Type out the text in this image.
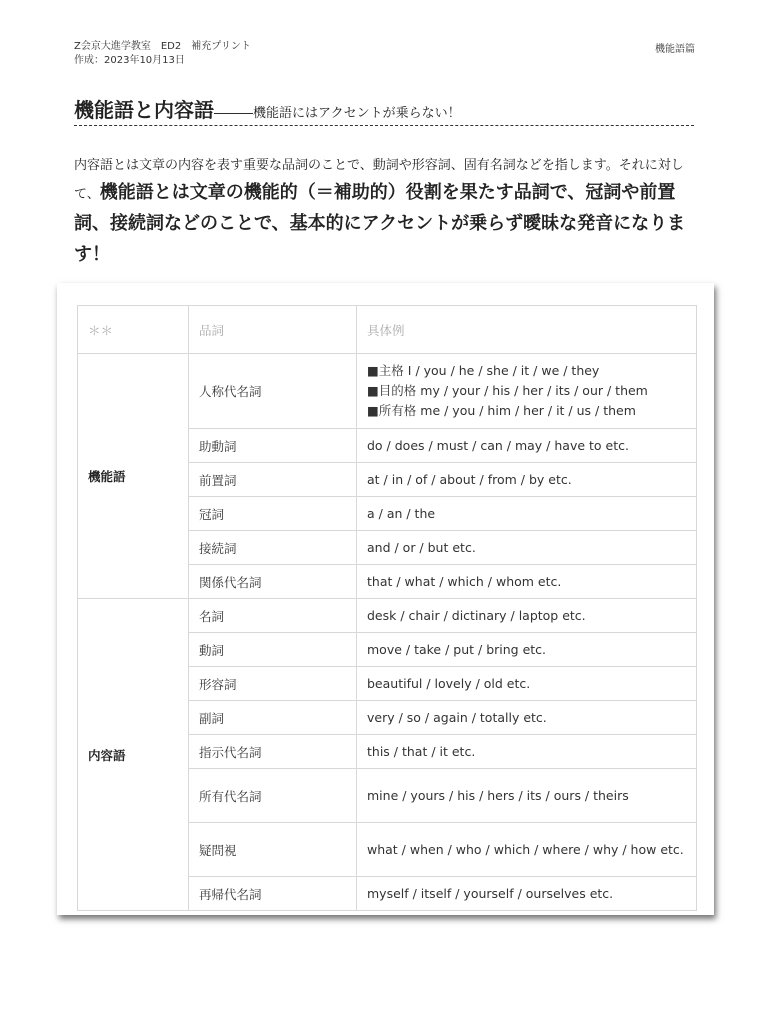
Z会京大進学教室　ED2　補充プリント
作成：2023年10月13日
機能語篇
機能語と内容語―――機能語にはアクセントが乗らない！
内容語とは文章の内容を表す重要な品詞のことで、動詞や形容詞、固有名詞などを指します。それに対して、機能語とは文章の機能的（＝補助的）役割を果たす品詞で、冠詞や前置詞、接続詞などのことで、基本的にアクセントが乗らず曖昧な発音になります！
＊＊	品詞	具体例
機能語	人称代名詞	■主格 I / you / he / she / it / we / they
■目的格 my / your / his / her / its / our / them
■所有格 me / you / him / her / it / us / them

	助動詞	do / does / must / can / may / have to etc.

	前置詞	at / in / of / about / from / by etc.

	冠詞	a / an / the

	接続詞	and / or / but etc.

	関係代名詞	that / what / which / whom etc.

内容語	名詞	desk / chair / dictinary / laptop etc.

	動詞	move / take / put / bring etc.

	形容詞	beautiful / lovely / old etc.

	副詞	very / so / again / totally etc.

	指示代名詞	this / that / it etc.

	所有代名詞	mine / yours / his / hers / its / ours / theirs

	疑問視	what / when / who / which / where / why / how etc.

	再帰代名詞	myself / itself / yourself / ourselves etc.
